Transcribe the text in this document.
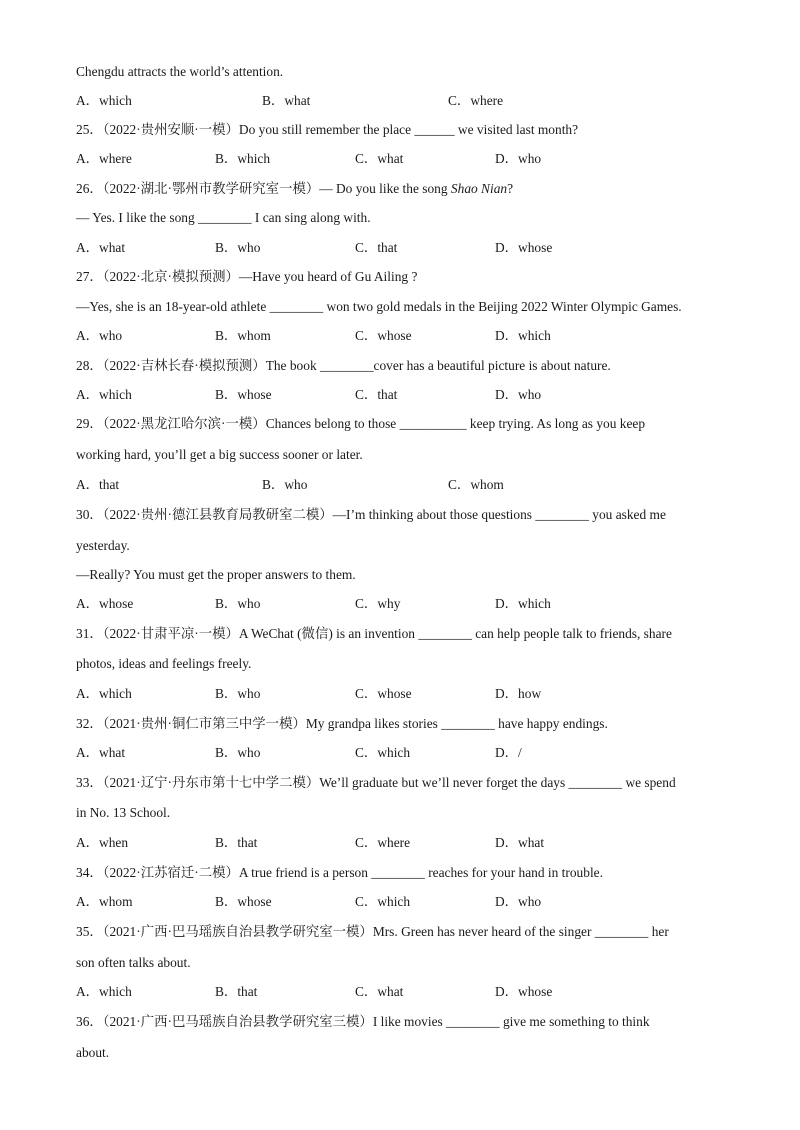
Chengdu attracts the world’s attention.
A．which	B．what	C．where
25．（2022·贵州安顺·一模）Do you still remember the place ______ we visited last month?
A．where	B．which	C．what	D．who
26．（2022·湖北·鄂州市教学研究室一模）— Do you like the song Shao Nian?
— Yes. I like the song ________ I can sing along with.
A．what	B．who	C．that	D．whose
27．（2022·北京·模拟预测）—Have you heard of Gu Ailing ?
—Yes, she is an 18-year-old athlete ________ won two gold medals in the Beijing 2022 Winter Olympic Games.
A．who	B．whom	C．whose	D．which
28．（2022·吉林长春·模拟预测）The book ________cover has a beautiful picture is about nature.
A．which	B．whose	C．that	D．who
29．（2022·黑龙江哈尔滨·一模）Chances belong to those __________ keep trying. As long as you keep
working hard, you’ll get a big success sooner or later.
A．that	B．who	C．whom
30．（2022·贵州·德江县教育局教研室二模）—I’m thinking about those questions ________ you asked me
yesterday.
—Really? You must get the proper answers to them.
A．whose	B．who	C．why	D．which
31．（2022·甘肃平凉·一模）A WeChat (微信) is an invention ________ can help people talk to friends, share
photos, ideas and feelings freely.
A．which	B．who	C．whose	D．how
32．（2021·贵州·铜仁市第三中学一模）My grandpa likes stories ________ have happy endings.
A．what	B．who	C．which	D．/
33．（2021·辽宁·丹东市第十七中学二模）We’ll graduate but we’ll never forget the days ________ we spend
in No. 13 School.
A．when	B．that	C．where	D．what
34．（2022·江苏宿迁·二模）A true friend is a person ________ reaches for your hand in trouble.
A．whom	B．whose	C．which	D．who
35．（2021·广西·巴马瑶族自治县教学研究室一模）Mrs. Green has never heard of the singer ________ her
son often talks about.
A．which	B．that	C．what	D．whose
36．（2021·广西·巴马瑶族自治县教学研究室三模）I like movies ________ give me something to think
about.
